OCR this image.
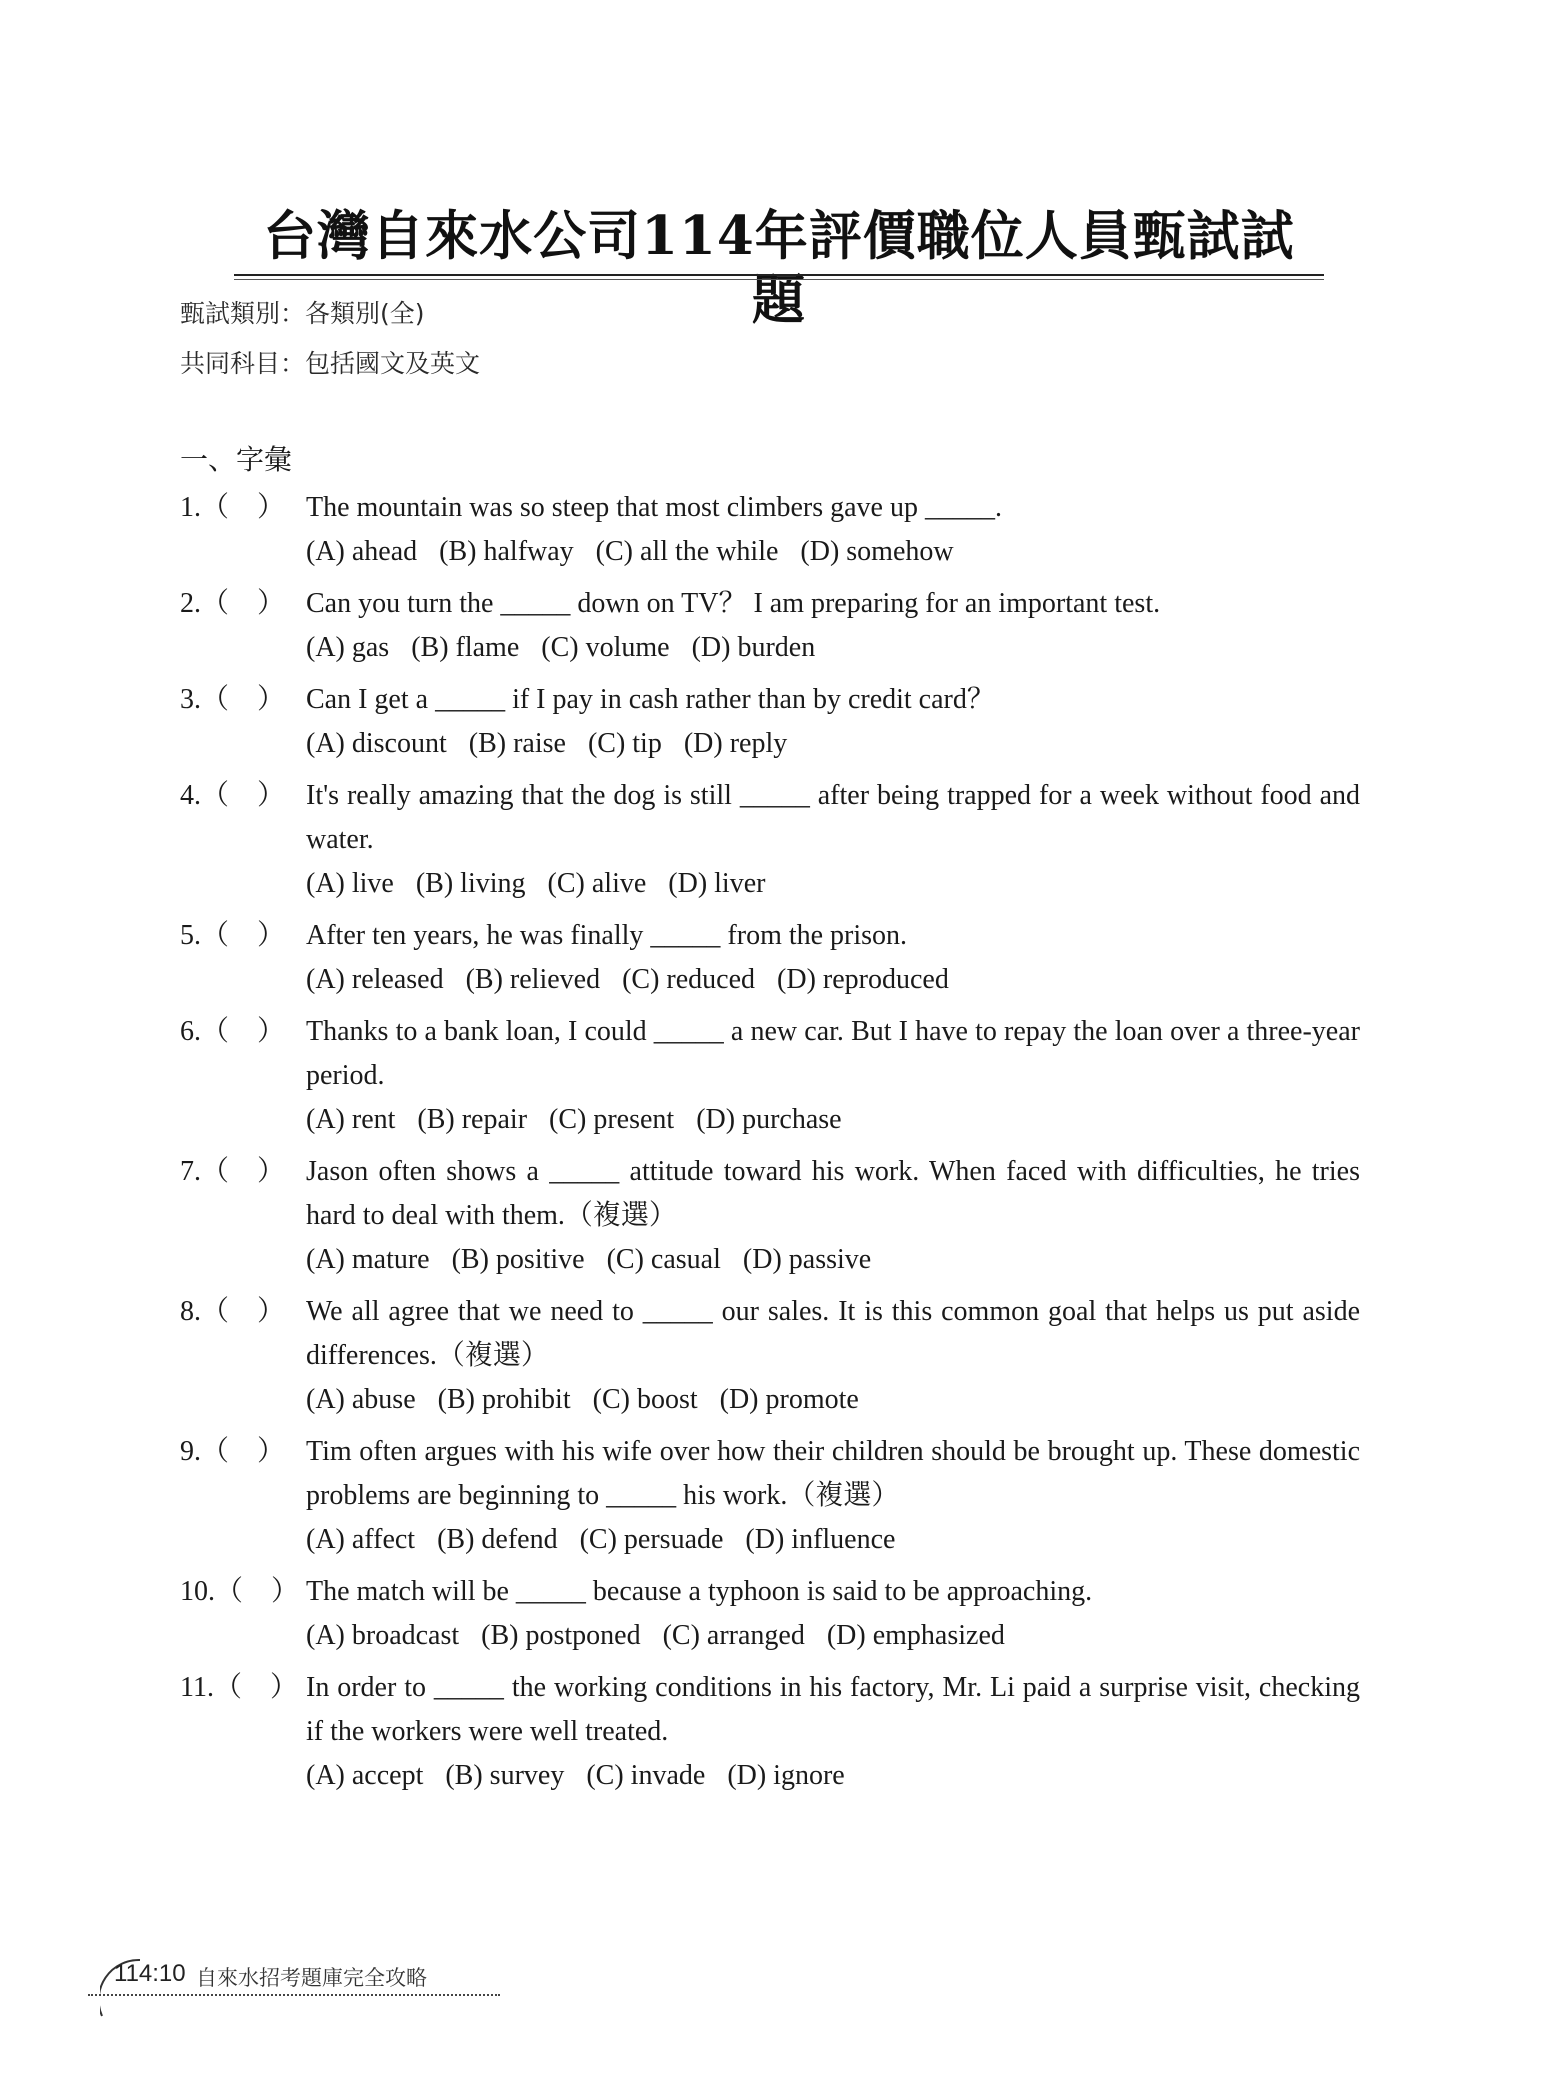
台灣自來水公司114年評價職位人員甄試試題
甄試類別：各類別(全)
共同科目：包括國文及英文
一、字彙
1.（　） The mountain was so steep that most climbers gave up _____.
(A) ahead (B) halfway (C) all the while (D) somehow
2.（　） Can you turn the _____ down on TV？ I am preparing for an important test.
(A) gas (B) flame (C) volume (D) burden
3.（　） Can I get a _____ if I pay in cash rather than by credit card？
(A) discount (B) raise (C) tip (D) reply
4.（　） It's really amazing that the dog is still _____ after being trapped for a week without food and water.
(A) live (B) living (C) alive (D) liver
5.（　） After ten years, he was finally _____ from the prison.
(A) released (B) relieved (C) reduced (D) reproduced
6.（　） Thanks to a bank loan, I could _____ a new car. But I have to repay the loan over a three-year period.
(A) rent (B) repair (C) present (D) purchase
7.（　） Jason often shows a _____ attitude toward his work. When faced with difficulties, he tries hard to deal with them.（複選）
(A) mature (B) positive (C) casual (D) passive
8.（　） We all agree that we need to _____ our sales. It is this common goal that helps us put aside differences.（複選）
(A) abuse (B) prohibit (C) boost (D) promote
9.（　） Tim often argues with his wife over how their children should be brought up. These domestic problems are beginning to _____ his work.（複選）
(A) affect (B) defend (C) persuade (D) influence
10.（　） The match will be _____ because a typhoon is said to be approaching.
(A) broadcast (B) postponed (C) arranged (D) emphasized
11.（　） In order to _____ the working conditions in his factory, Mr. Li paid a surprise visit, checking if the workers were well treated.
(A) accept (B) survey (C) invade (D) ignore
114:10 自來水招考題庫完全攻略
